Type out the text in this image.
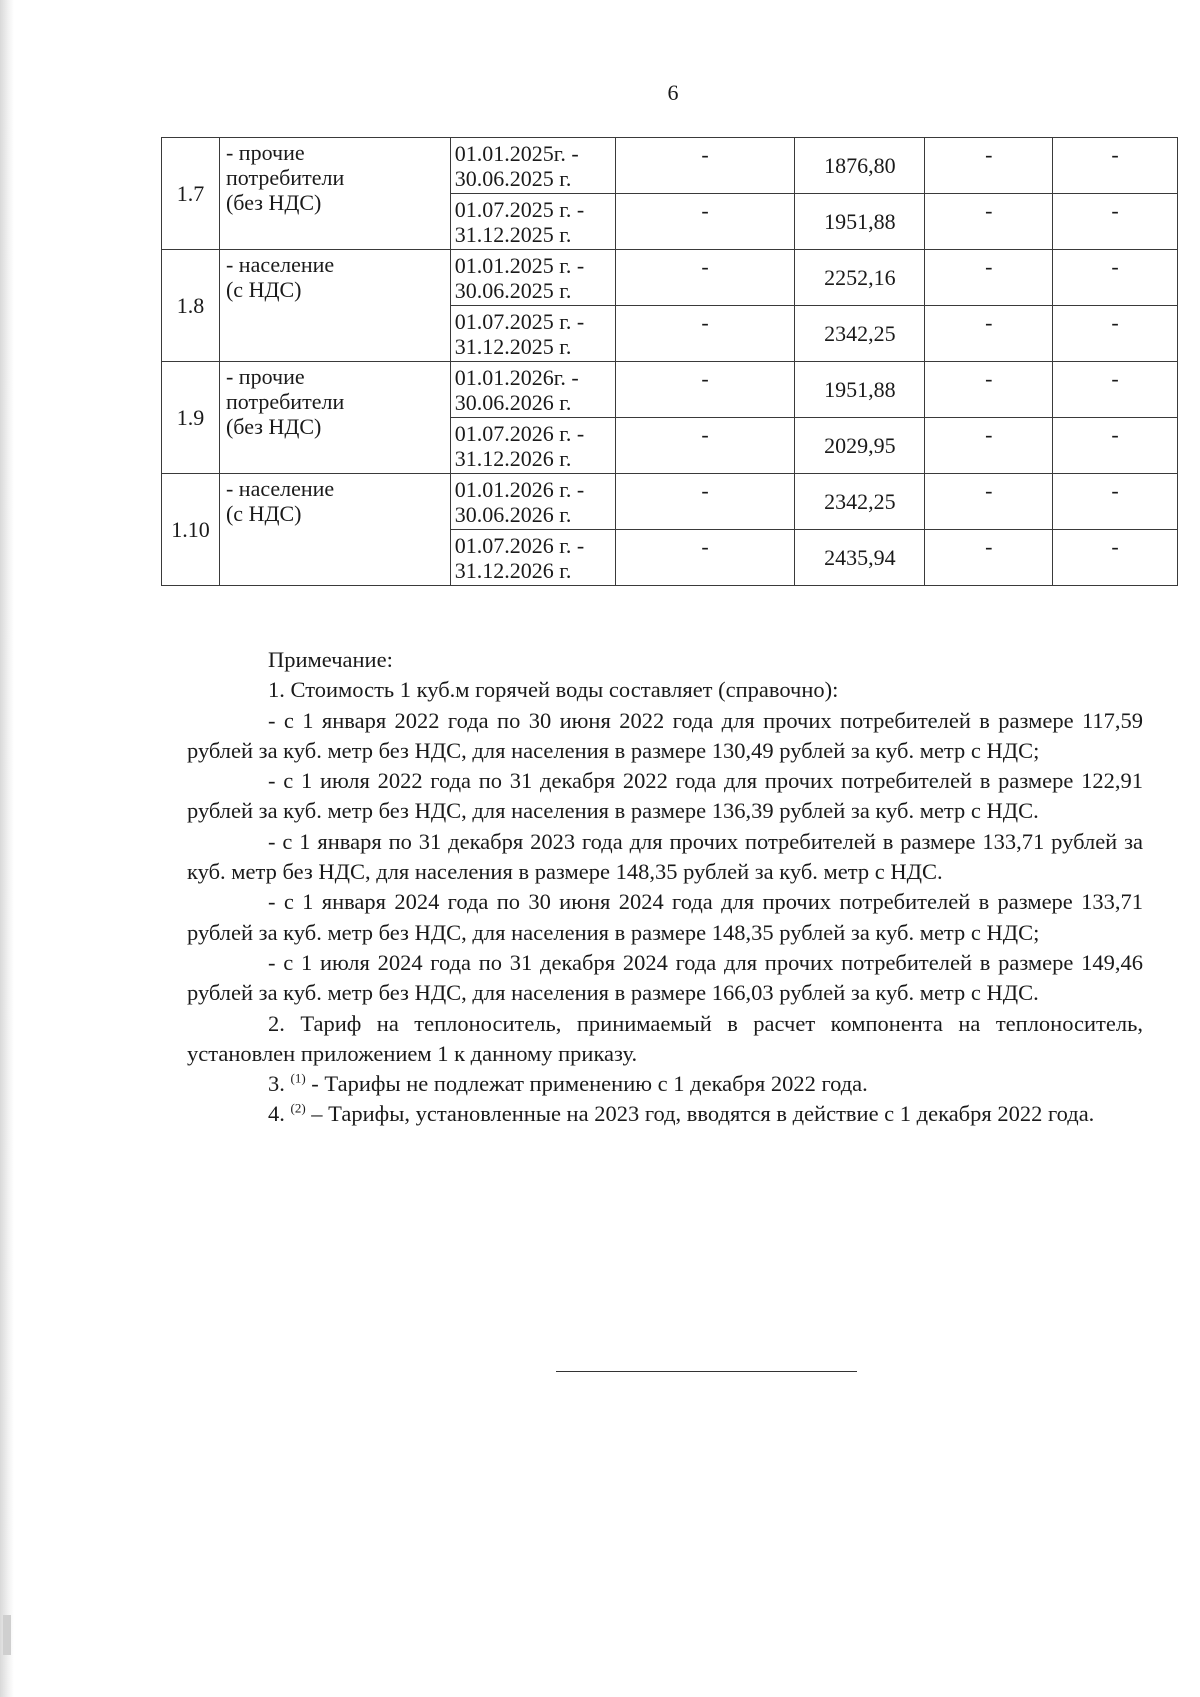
6
1.7	- прочие
потребители
(без НДС)	01.01.2025г. -
30.06.2025 г.	-	1876,80	-	-

		01.07.2025 г. -
31.12.2025 г.	-	1951,88	-	-
1.8	- население
(с НДС)	01.01.2025 г. -
30.06.2025 г.	-	2252,16	-	-

		01.07.2025 г. -
31.12.2025 г.	-	2342,25	-	-
1.9	- прочие
потребители
(без НДС)	01.01.2026г. -
30.06.2026 г.	-	1951,88	-	-

		01.07.2026 г. -
31.12.2026 г.	-	2029,95	-	-
1.10	- население
(с НДС)	01.01.2026 г. -
30.06.2026 г.	-	2342,25	-	-

		01.07.2026 г. -
31.12.2026 г.	-	2435,94	-	-

Примечание:

1. Стоимость 1 куб.м горячей воды составляет (справочно):

- с 1 января 2022 года по 30 июня 2022 года для прочих потребителей в размере 117,59 рублей за куб. метр без НДС, для населения в размере 130,49 рублей за куб. метр с НДС;

- с 1 июля 2022 года по 31 декабря 2022 года для прочих потребителей в размере 122,91 рублей за куб. метр без НДС, для населения в размере 136,39 рублей за куб. метр с НДС.

- с 1 января по 31 декабря 2023 года для прочих потребителей в размере 133,71 рублей за куб. метр без НДС, для населения в размере 148,35 рублей за куб. метр с НДС.

- с 1 января 2024 года по 30 июня 2024 года для прочих потребителей в размере 133,71 рублей за куб. метр без НДС, для населения в размере 148,35 рублей за куб. метр с НДС;

- с 1 июля 2024 года по 31 декабря 2024 года для прочих потребителей в размере 149,46 рублей за куб. метр без НДС, для населения в размере 166,03 рублей за куб. метр с НДС.

2. Тариф на теплоноситель, принимаемый в расчет компонента на теплоноситель, установлен приложением 1 к данному приказу.

3. $^{(1)}$ - Тарифы не подлежат применению с 1 декабря 2022 года.

4. $^{(2)}$ – Тарифы, установленные на 2023 год, вводятся в действие с 1 декабря 2022 года.
